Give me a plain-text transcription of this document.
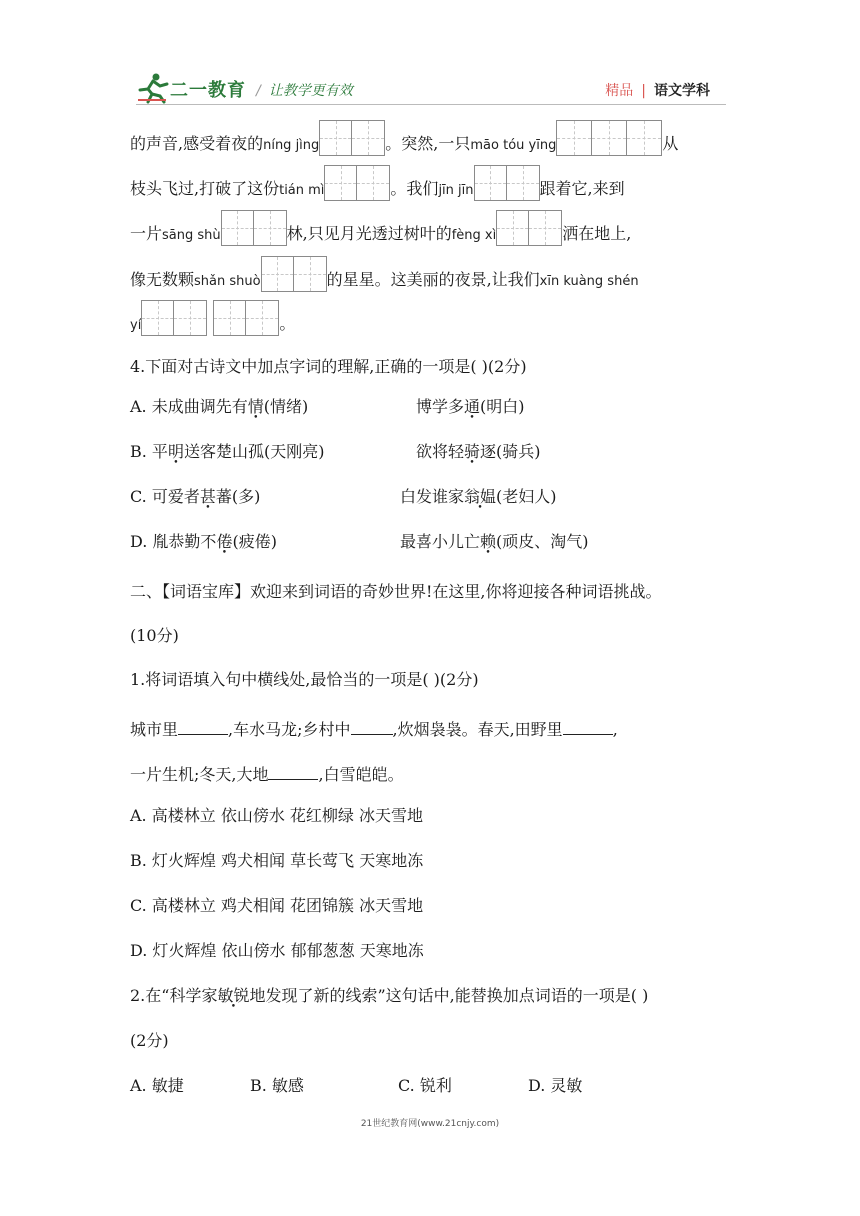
二一教育 / 让教学更有效	精品 | 语文学科
的声音,感受着夜的níng jìng	。突然,一只māo tóu yīng	从
枝头飞过,打破了这份tián mì	。我们jīn jīn	跟着它,来到
一片sāng shù	林,只见月光透过树叶的fèng xì	洒在地上,
像无数颗shǎn shuò	的星星。这美丽的夜景,让我们xīn kuàng shén
yí	。
4.下面对古诗文中加点字词的理解,正确的一项是( )(2分)
A. 未成曲调先有情(情绪)	博学多通(明白)
B. 平明送客楚山孤(天刚亮)	欲将轻骑逐(骑兵)
C. 可爱者甚蕃(多)	白发谁家翁媪(老妇人)
D. 胤恭勤不倦(疲倦)	最喜小儿亡赖(顽皮、淘气)
二、【词语宝库】欢迎来到词语的奇妙世界!在这里,你将迎接各种词语挑战。
(10分)
1.将词语填入句中横线处,最恰当的一项是( )(2分)
城市里	,车水马龙;乡村中	,炊烟袅袅。春天,田野里	,
一片生机;冬天,大地	,白雪皑皑。
A. 高楼林立 依山傍水 花红柳绿 冰天雪地
B. 灯火辉煌 鸡犬相闻 草长莺飞 天寒地冻
C. 高楼林立 鸡犬相闻 花团锦簇 冰天雪地
D. 灯火辉煌 依山傍水 郁郁葱葱 天寒地冻
2.在“科学家敏锐地发现了新的线索”这句话中,能替换加点词语的一项是( )
(2分)
A. 敏捷	B. 敏感	C. 锐利	D. 灵敏
21世纪教育网(www.21cnjy.com)
